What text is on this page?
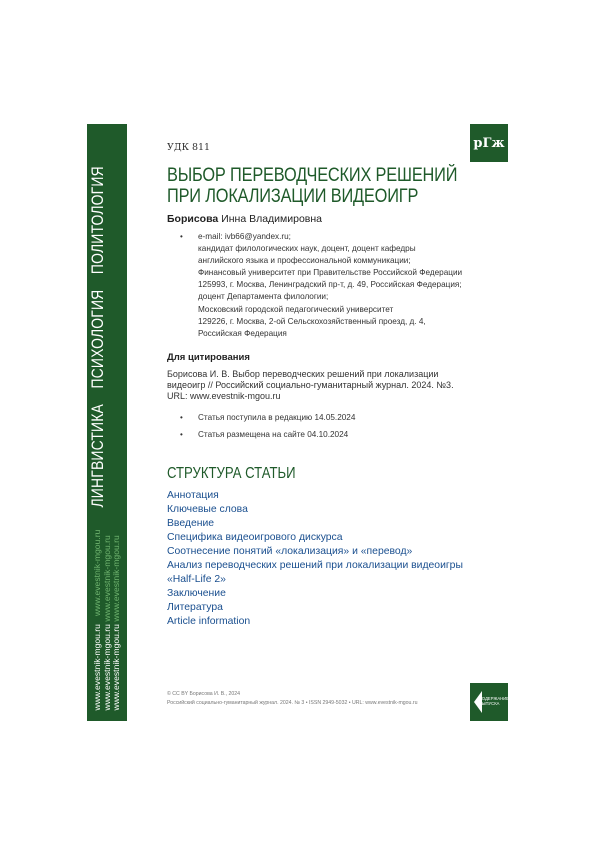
www.evestnik-mgou.ru
www.evestnik-mgou.ru
ЛИНГВИСТИКА ПСИХОЛОГИЯ ПОЛИТОЛОГИЯ
www.evestnik-mgou.ru www.evestnik-mgou.ru
www.evestnik-mgou.ru www.evestnik-mgou.ru
рГж
УДК 811
ВЫБОР ПЕРЕВОДЧЕСКИХ РЕШЕНИЙ
ПРИ ЛОКАЛИЗАЦИИ ВИДЕОИГР
Борисова Инна Владимировна
• e-mail: ivb66@yandex.ru;
кандидат филологических наук, доцент, доцент кафедры
английского языка и профессиональной коммуникации;
Финансовый университет при Правительстве Российской Федерации
125993, г. Москва, Ленинградский пр-т, д. 49, Российская Федерация;
доцент Департамента филологии;
Московский городской педагогический университет
129226, г. Москва, 2-ой Сельскохозяйственный проезд, д. 4,
Российская Федерация
Для цитирования
Борисова И. В. Выбор переводческих решений при локализации видеоигр // Российский социально-гуманитарный журнал. 2024. №3. URL: www.evestnik-mgou.ru
• Статья поступила в редакцию 14.05.2024
• Статья размещена на сайте 04.10.2024
СТРУКТУРА СТАТЬИ
Аннотация
Ключевые слова
Введение
Специфика видеоигрового дискурса
Соотнесение понятий «локализация» и «перевод»
Анализ переводческих решений при локализации видеоигры
«Half-Life 2»
Заключение
Литература
Article information
© CC BY Борисова И. В., 2024
Российский социально-гуманитарный журнал. 2024. № 3 • ISSN 2949-5032 • URL: www.evestnik-mgou.ru
СОДЕРЖАНИЕ
ВЫПУСКА
